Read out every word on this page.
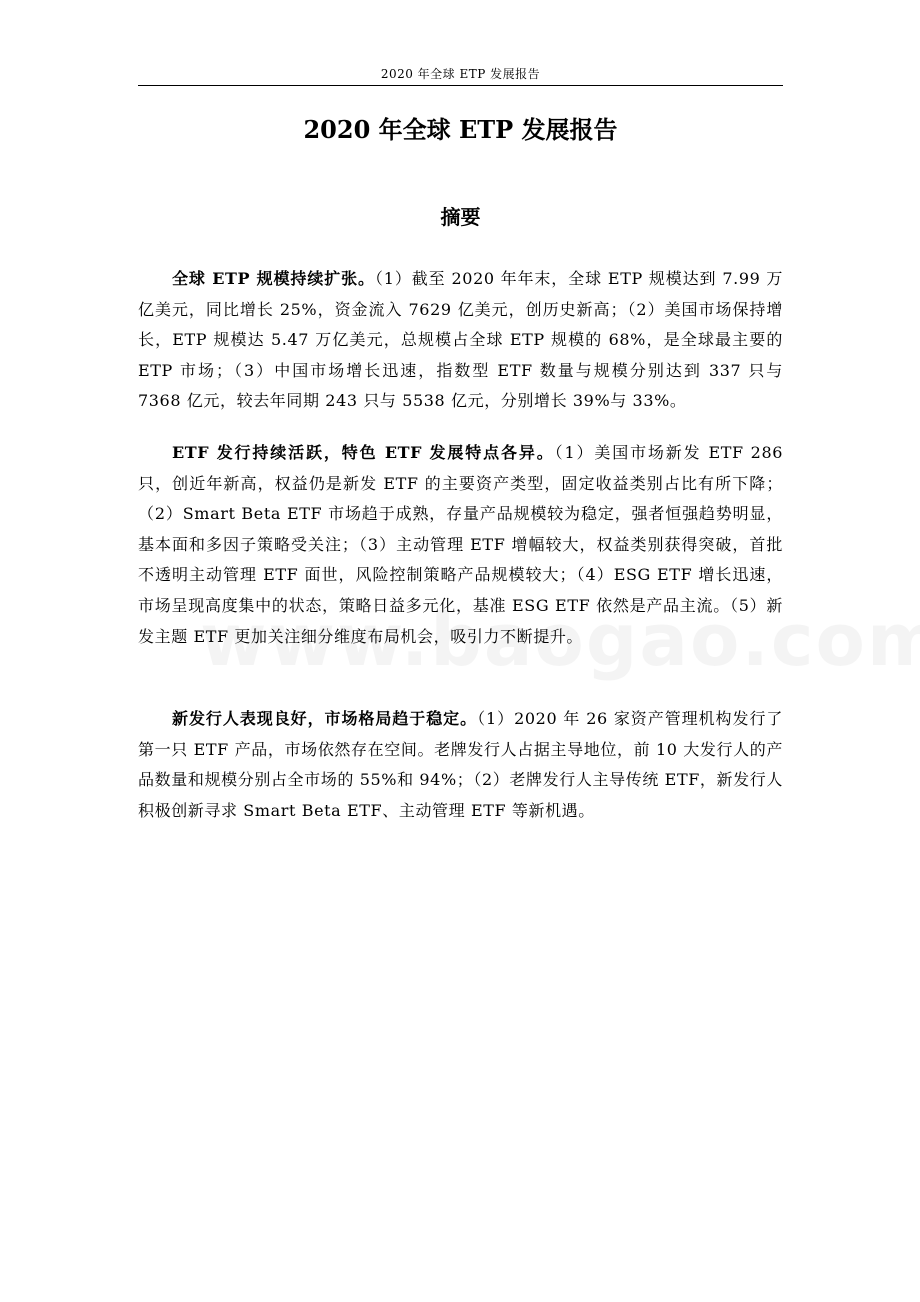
2020 年全球 ETP 发展报告
2020 年全球 ETP 发展报告
摘要

全球 ETP 规模持续扩张。（1）截至 2020 年年末，全球 ETP 规模达到 7.99 万亿美元，同比增长 25%，资金流入 7629 亿美元，创历史新高；（2）美国市场保持增长，ETP 规模达 5.47 万亿美元，总规模占全球 ETP 规模的 68%，是全球最主要的 ETP 市场；（3）中国市场增长迅速，指数型 ETF 数量与规模分别达到 337 只与 7368 亿元，较去年同期 243 只与 5538 亿元，分别增长 39%与 33%。

ETF 发行持续活跃，特色 ETF 发展特点各异。（1）美国市场新发 ETF 286 只，创近年新高，权益仍是新发 ETF 的主要资产类型，固定收益类别占比有所下降；（2）Smart Beta ETF 市场趋于成熟，存量产品规模较为稳定，强者恒强趋势明显，基本面和多因子策略受关注；（3）主动管理 ETF 增幅较大，权益类别获得突破，首批不透明主动管理 ETF 面世，风险控制策略产品规模较大；（4）ESG ETF 增长迅速，市场呈现高度集中的状态，策略日益多元化，基准 ESG ETF 依然是产品主流。（5）新发主题 ETF 更加关注细分维度布局机会，吸引力不断提升。

新发行人表现良好，市场格局趋于稳定。（1）2020 年 26 家资产管理机构发行了第一只 ETF 产品，市场依然存在空间。老牌发行人占据主导地位，前 10 大发行人的产品数量和规模分别占全市场的 55%和 94%；（2）老牌发行人主导传统 ETF，新发行人积极创新寻求 Smart Beta ETF、主动管理 ETF 等新机遇。
